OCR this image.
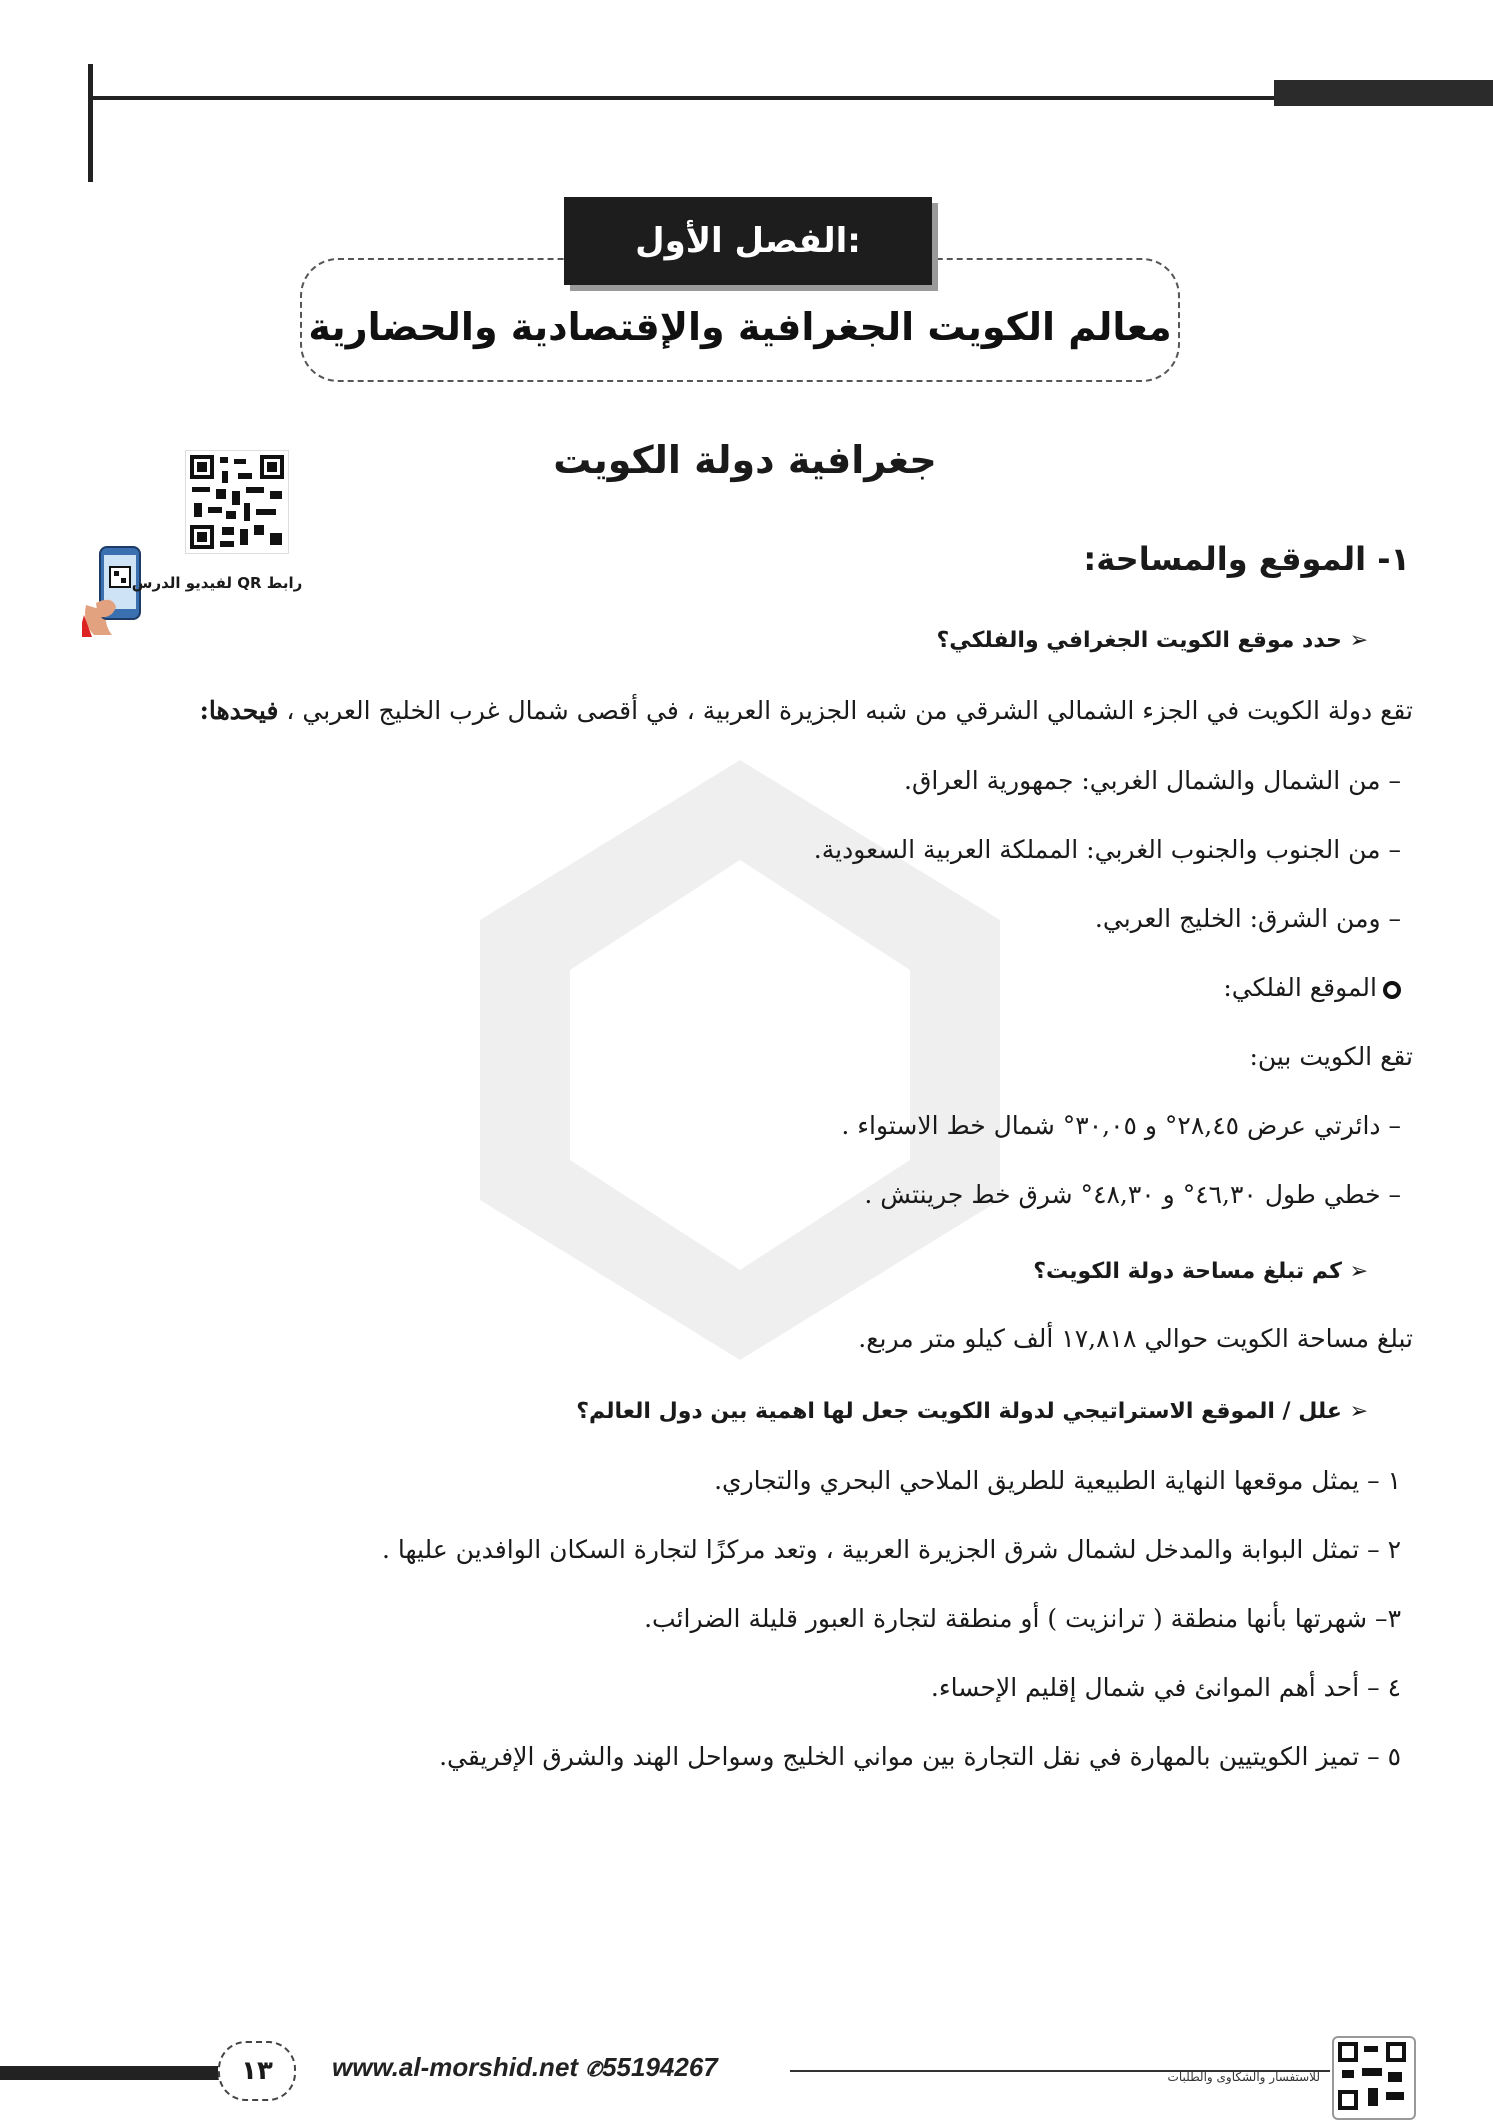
معالم الكويت الجغرافية والإقتصادية والحضارية
الفصل الأول:
جغرافية دولة الكويت
رابط QR لفيديو الدرس
١- الموقع والمساحة:
➢ حدد موقع الكويت الجغرافي والفلكي؟
تقع دولة الكويت في الجزء الشمالي الشرقي من شبه الجزيرة العربية ، في أقصى شمال غرب الخليج العربي ، فيحدها:
– من الشمال والشمال الغربي: جمهورية العراق.
– من الجنوب والجنوب الغربي: المملكة العربية السعودية.
– ومن الشرق: الخليج العربي.
الموقع الفلكي:
تقع الكويت بين:
– دائرتي عرض ٢٨,٤٥° و ٣٠,٠٥° شمال خط الاستواء .
– خطي طول ٤٦,٣٠° و ٤٨,٣٠° شرق خط جرينتش .
➢ كم تبلغ مساحة دولة الكويت؟
تبلغ مساحة الكويت حوالي ١٧,٨١٨ ألف كيلو متر مربع.
➢ علل / الموقع الاستراتيجي لدولة الكويت جعل لها اهمية بين دول العالم؟
١ – يمثل موقعها النهاية الطبيعية للطريق الملاحي البحري والتجاري.
٢ – تمثل البوابة والمدخل لشمال شرق الجزيرة العربية ، وتعد مركزًا لتجارة السكان الوافدين عليها .
٣– شهرتها بأنها منطقة ( ترانزيت ) أو منطقة لتجارة العبور قليلة الضرائب.
٤ – أحد أهم الموانئ في شمال إقليم الإحساء.
٥ – تميز الكويتيين بالمهارة في نقل التجارة بين مواني الخليج وسواحل الهند والشرق الإفريقي.
١٣ www.al-morshid.net ✆55194267	للاستفسار والشكاوى والطلبات
